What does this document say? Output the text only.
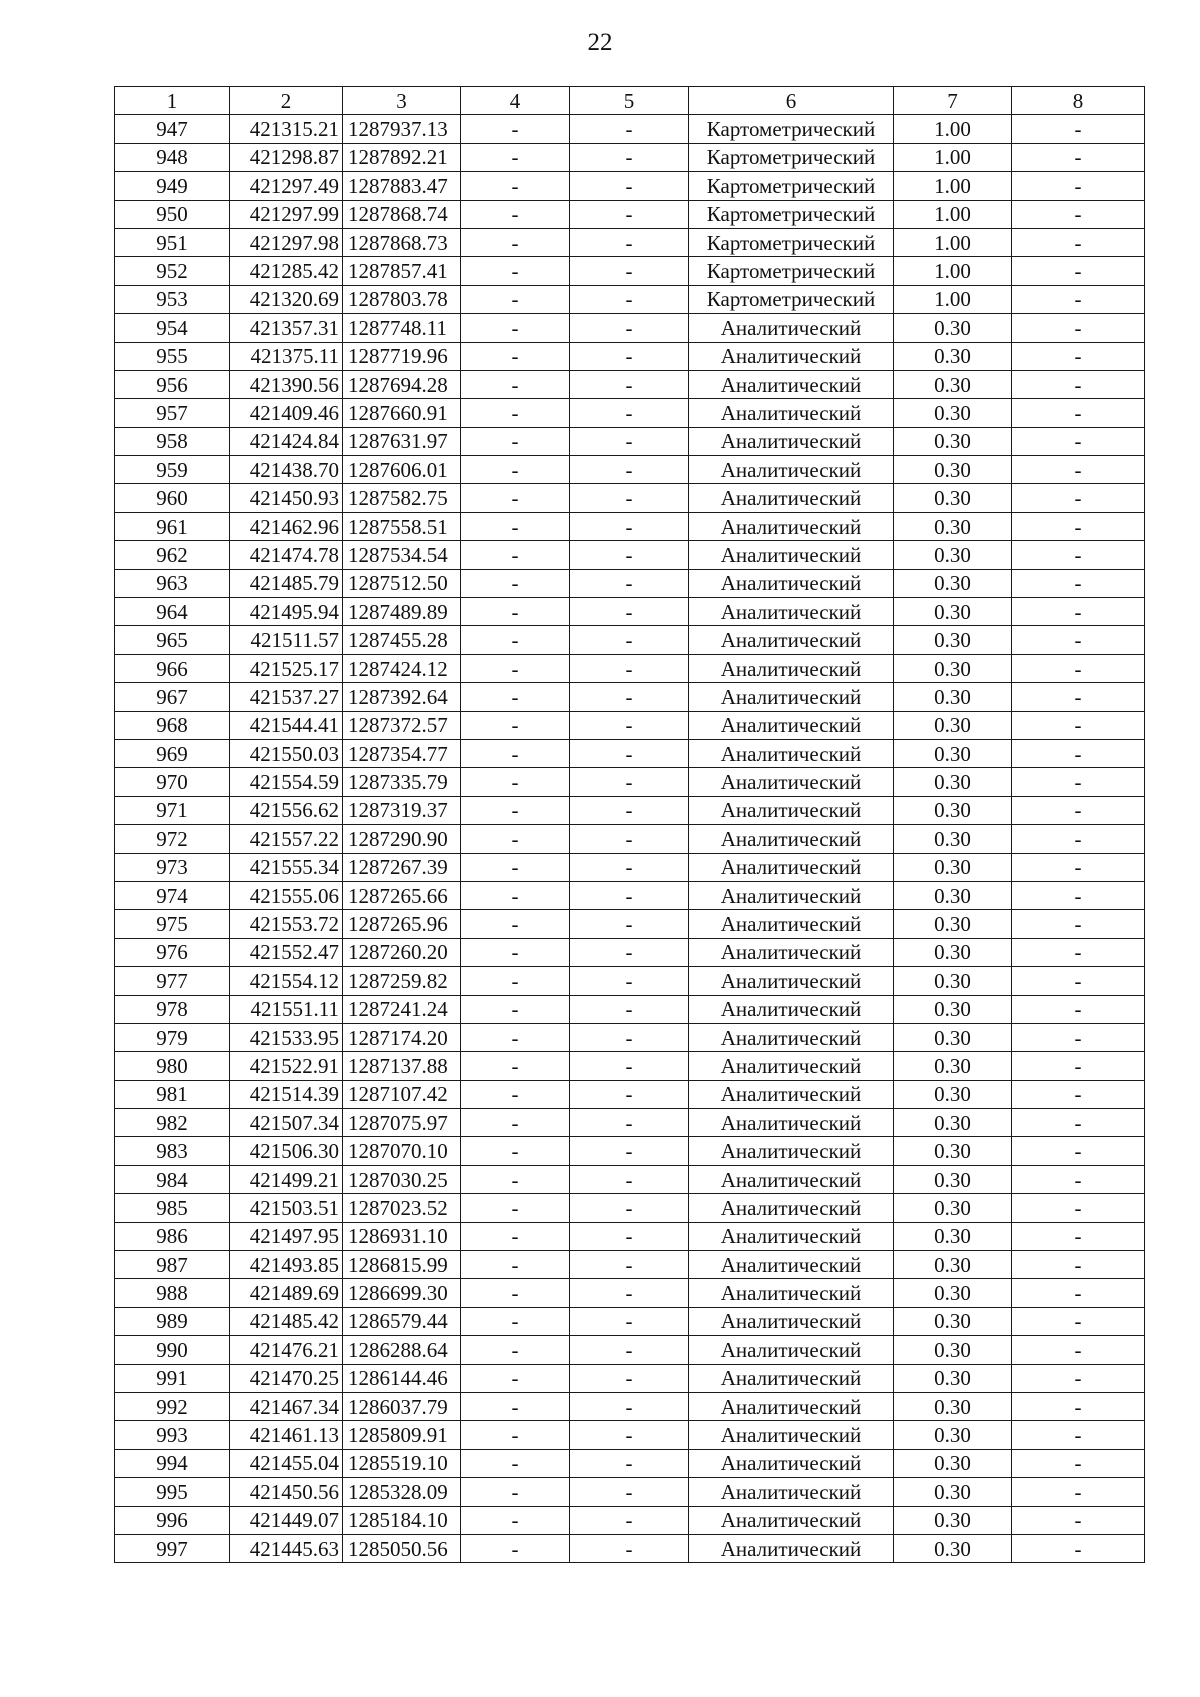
22
1	2	3	4	5	6	7	8
947	421315.21	1287937.13	-	-	Картометрический	1.00	-
948	421298.87	1287892.21	-	-	Картометрический	1.00	-
949	421297.49	1287883.47	-	-	Картометрический	1.00	-
950	421297.99	1287868.74	-	-	Картометрический	1.00	-
951	421297.98	1287868.73	-	-	Картометрический	1.00	-
952	421285.42	1287857.41	-	-	Картометрический	1.00	-
953	421320.69	1287803.78	-	-	Картометрический	1.00	-
954	421357.31	1287748.11	-	-	Аналитический	0.30	-
955	421375.11	1287719.96	-	-	Аналитический	0.30	-
956	421390.56	1287694.28	-	-	Аналитический	0.30	-
957	421409.46	1287660.91	-	-	Аналитический	0.30	-
958	421424.84	1287631.97	-	-	Аналитический	0.30	-
959	421438.70	1287606.01	-	-	Аналитический	0.30	-
960	421450.93	1287582.75	-	-	Аналитический	0.30	-
961	421462.96	1287558.51	-	-	Аналитический	0.30	-
962	421474.78	1287534.54	-	-	Аналитический	0.30	-
963	421485.79	1287512.50	-	-	Аналитический	0.30	-
964	421495.94	1287489.89	-	-	Аналитический	0.30	-
965	421511.57	1287455.28	-	-	Аналитический	0.30	-
966	421525.17	1287424.12	-	-	Аналитический	0.30	-
967	421537.27	1287392.64	-	-	Аналитический	0.30	-
968	421544.41	1287372.57	-	-	Аналитический	0.30	-
969	421550.03	1287354.77	-	-	Аналитический	0.30	-
970	421554.59	1287335.79	-	-	Аналитический	0.30	-
971	421556.62	1287319.37	-	-	Аналитический	0.30	-
972	421557.22	1287290.90	-	-	Аналитический	0.30	-
973	421555.34	1287267.39	-	-	Аналитический	0.30	-
974	421555.06	1287265.66	-	-	Аналитический	0.30	-
975	421553.72	1287265.96	-	-	Аналитический	0.30	-
976	421552.47	1287260.20	-	-	Аналитический	0.30	-
977	421554.12	1287259.82	-	-	Аналитический	0.30	-
978	421551.11	1287241.24	-	-	Аналитический	0.30	-
979	421533.95	1287174.20	-	-	Аналитический	0.30	-
980	421522.91	1287137.88	-	-	Аналитический	0.30	-
981	421514.39	1287107.42	-	-	Аналитический	0.30	-
982	421507.34	1287075.97	-	-	Аналитический	0.30	-
983	421506.30	1287070.10	-	-	Аналитический	0.30	-
984	421499.21	1287030.25	-	-	Аналитический	0.30	-
985	421503.51	1287023.52	-	-	Аналитический	0.30	-
986	421497.95	1286931.10	-	-	Аналитический	0.30	-
987	421493.85	1286815.99	-	-	Аналитический	0.30	-
988	421489.69	1286699.30	-	-	Аналитический	0.30	-
989	421485.42	1286579.44	-	-	Аналитический	0.30	-
990	421476.21	1286288.64	-	-	Аналитический	0.30	-
991	421470.25	1286144.46	-	-	Аналитический	0.30	-
992	421467.34	1286037.79	-	-	Аналитический	0.30	-
993	421461.13	1285809.91	-	-	Аналитический	0.30	-
994	421455.04	1285519.10	-	-	Аналитический	0.30	-
995	421450.56	1285328.09	-	-	Аналитический	0.30	-
996	421449.07	1285184.10	-	-	Аналитический	0.30	-
997	421445.63	1285050.56	-	-	Аналитический	0.30	-
